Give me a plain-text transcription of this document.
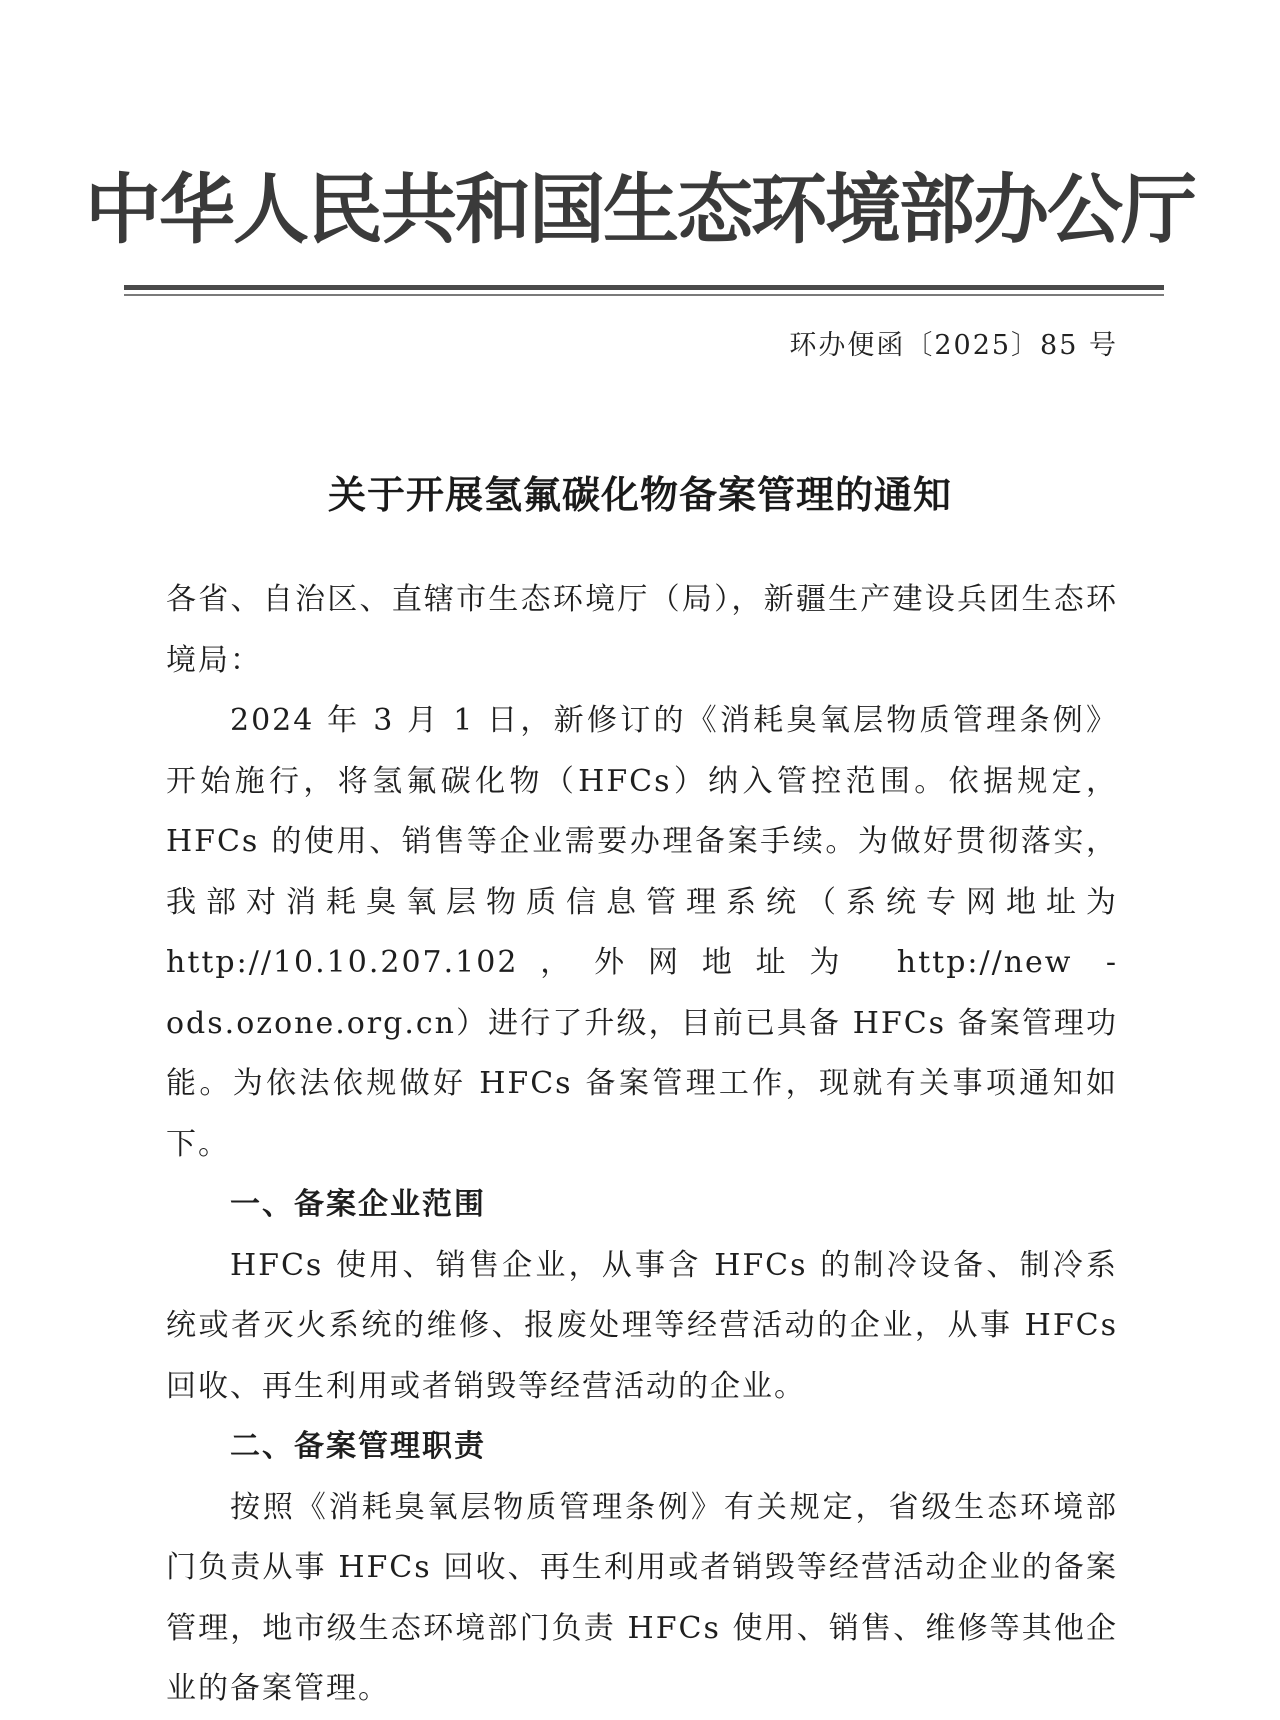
中华人民共和国生态环境部办公厅
环办便函〔2025〕85 号
关于开展氢氟碳化物备案管理的通知

各省、自治区、直辖市生态环境厅（局），新疆生产建设兵团生态环境局：

2024 年 3 月 1 日，新修订的《消耗臭氧层物质管理条例》开始施行，将氢氟碳化物（HFCs）纳入管控范围。依据规定，HFCs 的使用、销售等企业需要办理备案手续。为做好贯彻落实，我部对消耗臭氧层物质信息管理系统（系统专网地址为 http://10.10.207.102，外网地址为 http://new - ods.ozone.org.cn）进行了升级，目前已具备 HFCs 备案管理功能。为依法依规做好 HFCs 备案管理工作，现就有关事项通知如下。

一、备案企业范围

HFCs 使用、销售企业，从事含 HFCs 的制冷设备、制冷系统或者灭火系统的维修、报废处理等经营活动的企业，从事 HFCs 回收、再生利用或者销毁等经营活动的企业。

二、备案管理职责

按照《消耗臭氧层物质管理条例》有关规定，省级生态环境部门负责从事 HFCs 回收、再生利用或者销毁等经营活动企业的备案管理，地市级生态环境部门负责 HFCs 使用、销售、维修等其他企业的备案管理。
